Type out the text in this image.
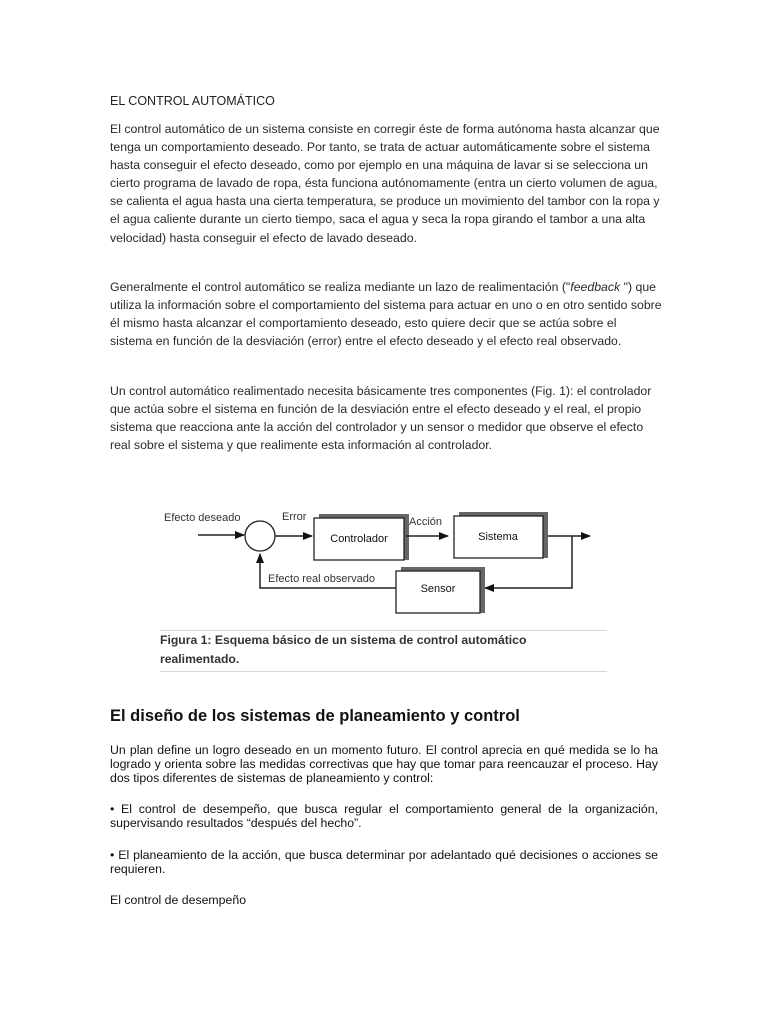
EL CONTROL AUTOMÁTICO

El control automático de un sistema consiste en corregir éste de forma autónoma hasta alcanzar que tenga un comportamiento deseado. Por tanto, se trata de actuar automáticamente sobre el sistema hasta conseguir el efecto deseado, como por ejemplo en una máquina de lavar si se selecciona un cierto programa de lavado de ropa, ésta funciona autónomamente (entra un cierto volumen de agua, se calienta el agua hasta una cierta temperatura, se produce un movimiento del tambor con la ropa y el agua caliente durante un cierto tiempo, saca el agua y seca la ropa girando el tambor a una alta velocidad) hasta conseguir el efecto de lavado deseado.

Generalmente el control automático se realiza mediante un lazo de realimentación ("feedback ") que utiliza la información sobre el comportamiento del sistema para actuar en uno o en otro sentido sobre él mismo hasta alcanzar el comportamiento deseado, esto quiere decir que se actúa sobre el sistema en función de la desviación (error) entre el efecto deseado y el efecto real observado.

Un control automático realimentado necesita básicamente tres componentes (Fig. 1): el controlador que actúa sobre el sistema en función de la desviación entre el efecto deseado y el real, el propio sistema que reacciona ante la acción del controlador y un sensor o medidor que observe el efecto real sobre el sistema y que realimente esta información al controlador.

Efecto deseado	Error
Controlador
Acción
Sistema
Sensor
Efecto real observado
Figura 1: Esquema básico de un sistema de control automático realimentado.
El diseño de los sistemas de planeamiento y control

Un plan define un logro deseado en un momento futuro. El control aprecia en qué medida se lo ha logrado y orienta sobre las medidas correctivas que hay que tomar para reencauzar el proceso. Hay dos tipos diferentes de sistemas de planeamiento y control:

• El control de desempeño, que busca regular el comportamiento general de la organización, supervisando resultados “después del hecho”.

• El planeamiento de la acción, que busca determinar por adelantado qué decisiones o acciones se requieren.

El control de desempeño
